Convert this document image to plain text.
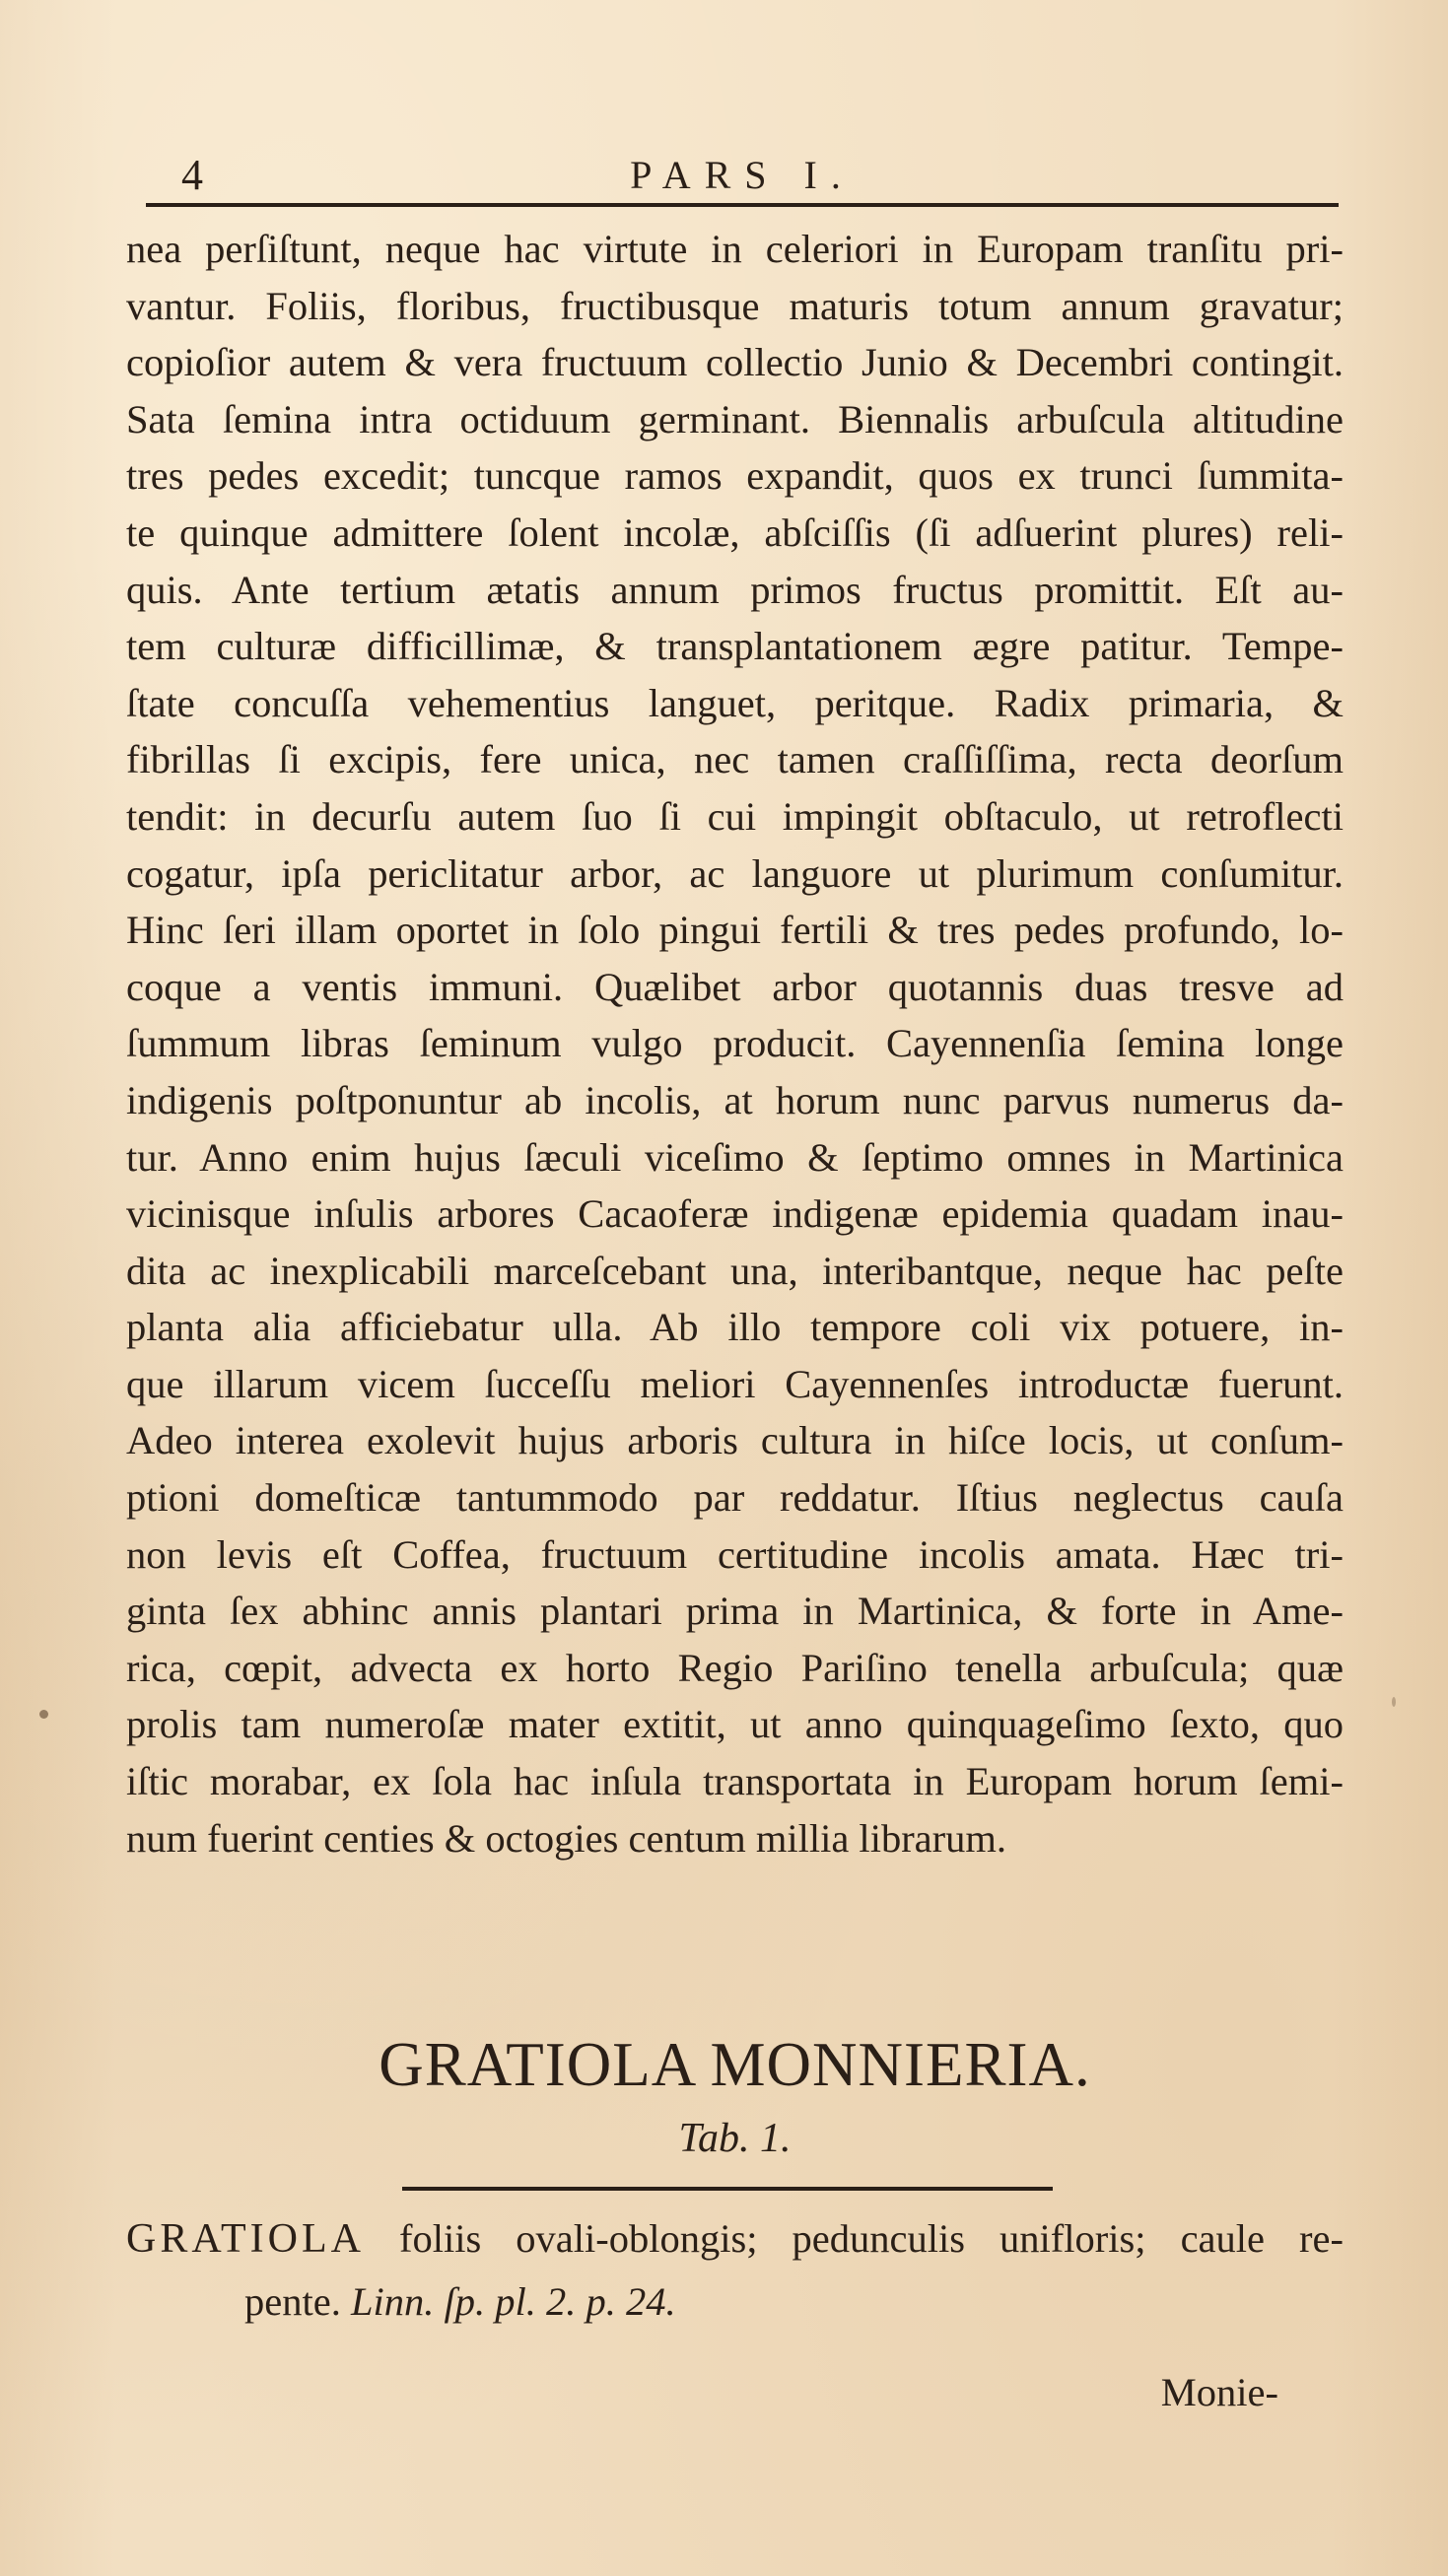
4	PARS I.
nea perſiſtunt, neque hac virtute in celeriori in Europam tranſitu pri-
vantur. Foliis, floribus, fructibusque maturis totum annum gravatur;
copioſior autem & vera fructuum collectio Junio & Decembri contingit.
Sata ſemina intra octiduum germinant. Biennalis arbuſcula altitudine
tres pedes excedit; tuncque ramos expandit, quos ex trunci ſummita-
te quinque admittere ſolent incolæ, abſciſſis (ſi adſuerint plures) reli-
quis. Ante tertium ætatis annum primos fructus promittit. Eſt au-
tem culturæ difficillimæ, & transplantationem ægre patitur. Tempe-
ſtate concuſſa vehementius languet, peritque. Radix primaria, &
fibrillas ſi excipis, fere unica, nec tamen craſſiſſima, recta deorſum
tendit: in decurſu autem ſuo ſi cui impingit obſtaculo, ut retroflecti
cogatur, ipſa periclitatur arbor, ac languore ut plurimum conſumitur.
Hinc ſeri illam oportet in ſolo pingui fertili & tres pedes profundo, lo-
coque a ventis immuni. Quælibet arbor quotannis duas tresve ad
ſummum libras ſeminum vulgo producit. Cayennenſia ſemina longe
indigenis poſtponuntur ab incolis, at horum nunc parvus numerus da-
tur. Anno enim hujus ſæculi viceſimo & ſeptimo omnes in Martinica
vicinisque inſulis arbores Cacaoferæ indigenæ epidemia quadam inau-
dita ac inexplicabili marceſcebant una, interibantque, neque hac peſte
planta alia afficiebatur ulla. Ab illo tempore coli vix potuere, in-
que illarum vicem ſucceſſu meliori Cayennenſes introductæ fuerunt.
Adeo interea exolevit hujus arboris cultura in hiſce locis, ut conſum-
ptioni domeſticæ tantummodo par reddatur. Iſtius neglectus cauſa
non levis eſt Coffea, fructuum certitudine incolis amata. Hæc tri-
ginta ſex abhinc annis plantari prima in Martinica, & forte in Ame-
rica, cœpit, advecta ex horto Regio Pariſino tenella arbuſcula; quæ
prolis tam numeroſæ mater extitit, ut anno quinquageſimo ſexto, quo
iſtic morabar, ex ſola hac inſula transportata in Europam horum ſemi-
num fuerint centies & octogies centum millia librarum.
GRATIOLA MONNIERIA.
Tab. 1.
GRATIOLA foliis ovali-oblongis; pedunculis unifloris; caule re-
pente. Linn. ſp. pl. 2. p. 24.
Monie-
